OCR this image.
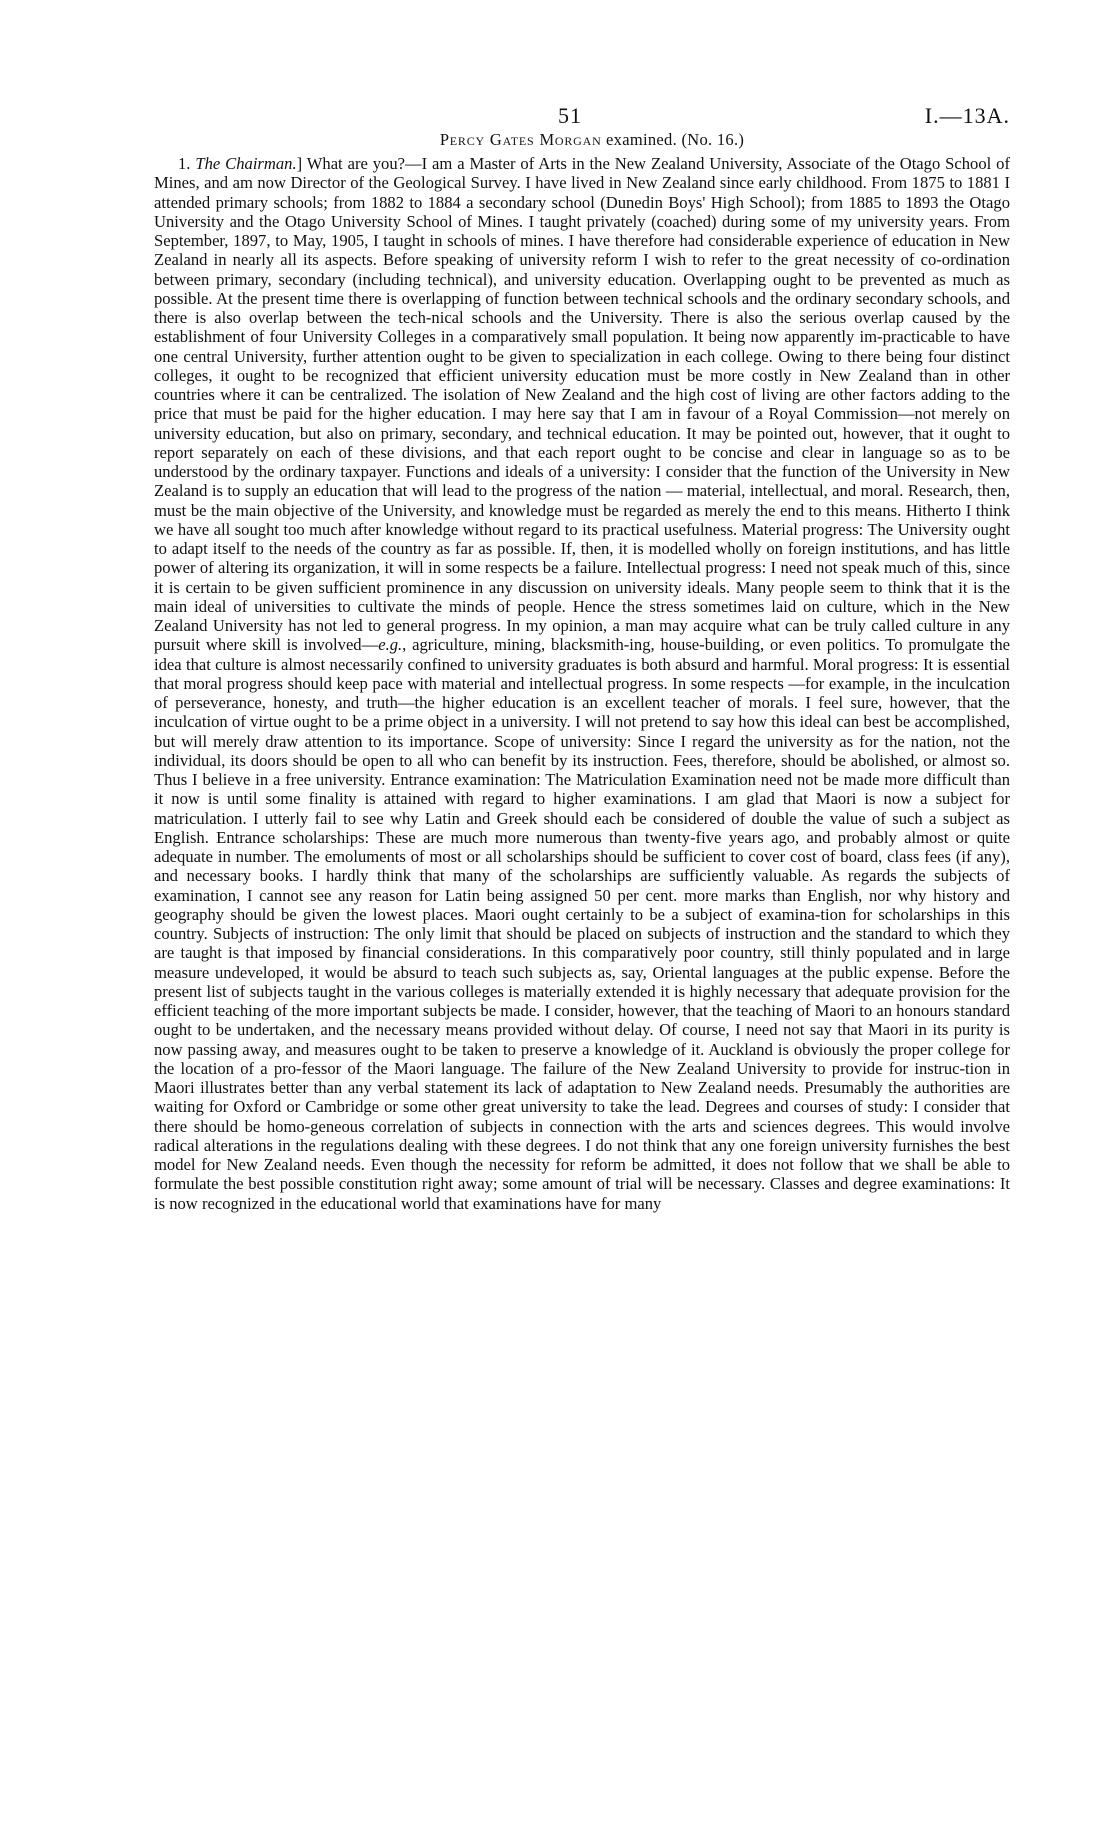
51	I.—13A.

Percy Gates Morgan examined. (No. 16.)

1. The Chairman.] What are you?—I am a Master of Arts in the New Zealand University, Associate of the Otago School of Mines, and am now Director of the Geological Survey. I have lived in New Zealand since early childhood. From 1875 to 1881 I attended primary schools; from 1882 to 1884 a secondary school (Dunedin Boys' High School); from 1885 to 1893 the Otago University and the Otago University School of Mines. I taught privately (coached) during some of my university years. From September, 1897, to May, 1905, I taught in schools of mines. I have therefore had considerable experience of education in New Zealand in nearly all its aspects. Before speaking of university reform I wish to refer to the great necessity of co-ordination between primary, secondary (including technical), and university education. Overlapping ought to be prevented as much as possible. At the present time there is overlapping of function between technical schools and the ordinary secondary schools, and there is also overlap between the tech-nical schools and the University. There is also the serious overlap caused by the establishment of four University Colleges in a comparatively small population. It being now apparently im-practicable to have one central University, further attention ought to be given to specialization in each college. Owing to there being four distinct colleges, it ought to be recognized that efficient university education must be more costly in New Zealand than in other countries where it can be centralized. The isolation of New Zealand and the high cost of living are other factors adding to the price that must be paid for the higher education. I may here say that I am in favour of a Royal Commission—not merely on university education, but also on primary, secondary, and technical education. It may be pointed out, however, that it ought to report separately on each of these divisions, and that each report ought to be concise and clear in language so as to be understood by the ordinary taxpayer. Functions and ideals of a university: I consider that the function of the University in New Zealand is to supply an education that will lead to the progress of the nation — material, intellectual, and moral. Research, then, must be the main objective of the University, and knowledge must be regarded as merely the end to this means. Hitherto I think we have all sought too much after knowledge without regard to its practical usefulness. Material progress: The University ought to adapt itself to the needs of the country as far as possible. If, then, it is modelled wholly on foreign institutions, and has little power of altering its organization, it will in some respects be a failure. Intellectual progress: I need not speak much of this, since it is certain to be given sufficient prominence in any discussion on university ideals. Many people seem to think that it is the main ideal of universities to cultivate the minds of people. Hence the stress sometimes laid on culture, which in the New Zealand University has not led to general progress. In my opinion, a man may acquire what can be truly called culture in any pursuit where skill is involved—e.g., agriculture, mining, blacksmith-ing, house-building, or even politics. To promulgate the idea that culture is almost necessarily confined to university graduates is both absurd and harmful. Moral progress: It is essential that moral progress should keep pace with material and intellectual progress. In some respects —for example, in the inculcation of perseverance, honesty, and truth—the higher education is an excellent teacher of morals. I feel sure, however, that the inculcation of virtue ought to be a prime object in a university. I will not pretend to say how this ideal can best be accomplished, but will merely draw attention to its importance. Scope of university: Since I regard the university as for the nation, not the individual, its doors should be open to all who can benefit by its instruction. Fees, therefore, should be abolished, or almost so. Thus I believe in a free university. Entrance examination: The Matriculation Examination need not be made more difficult than it now is until some finality is attained with regard to higher examinations. I am glad that Maori is now a subject for matriculation. I utterly fail to see why Latin and Greek should each be considered of double the value of such a subject as English. Entrance scholarships: These are much more numerous than twenty-five years ago, and probably almost or quite adequate in number. The emoluments of most or all scholarships should be sufficient to cover cost of board, class fees (if any), and necessary books. I hardly think that many of the scholarships are sufficiently valuable. As regards the subjects of examination, I cannot see any reason for Latin being assigned 50 per cent. more marks than English, nor why history and geography should be given the lowest places. Maori ought certainly to be a subject of examina-tion for scholarships in this country. Subjects of instruction: The only limit that should be placed on subjects of instruction and the standard to which they are taught is that imposed by financial considerations. In this comparatively poor country, still thinly populated and in large measure undeveloped, it would be absurd to teach such subjects as, say, Oriental languages at the public expense. Before the present list of subjects taught in the various colleges is materially extended it is highly necessary that adequate provision for the efficient teaching of the more important subjects be made. I consider, however, that the teaching of Maori to an honours standard ought to be undertaken, and the necessary means provided without delay. Of course, I need not say that Maori in its purity is now passing away, and measures ought to be taken to preserve a knowledge of it. Auckland is obviously the proper college for the location of a pro-fessor of the Maori language. The failure of the New Zealand University to provide for instruc-tion in Maori illustrates better than any verbal statement its lack of adaptation to New Zealand needs. Presumably the authorities are waiting for Oxford or Cambridge or some other great university to take the lead. Degrees and courses of study: I consider that there should be homo-geneous correlation of subjects in connection with the arts and sciences degrees. This would involve radical alterations in the regulations dealing with these degrees. I do not think that any one foreign university furnishes the best model for New Zealand needs. Even though the necessity for reform be admitted, it does not follow that we shall be able to formulate the best possible constitution right away; some amount of trial will be necessary. Classes and degree examinations: It is now recognized in the educational world that examinations have for many
